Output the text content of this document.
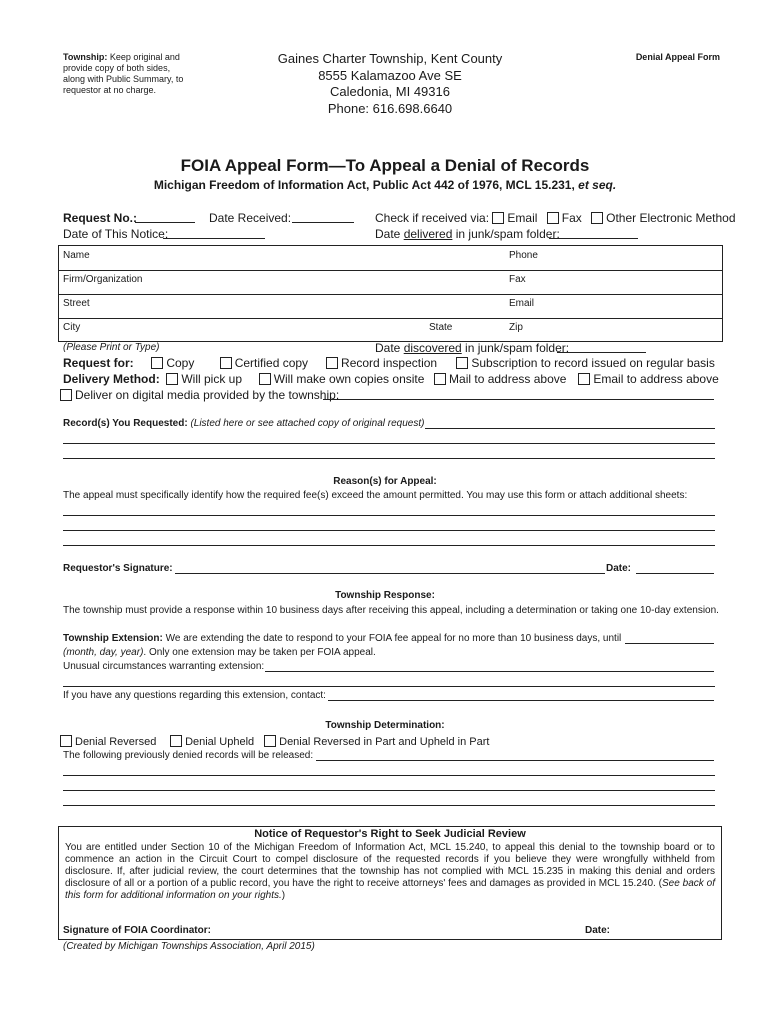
Township: Keep original and provide copy of both sides, along with Public Summary, to requestor at no charge.
Gaines Charter Township, Kent County
8555 Kalamazoo Ave SE
Caledonia, MI 49316
Phone: 616.698.6640
Denial Appeal Form
FOIA Appeal Form—To Appeal a Denial of Records
Michigan Freedom of Information Act, Public Act 442 of 1976, MCL 15.231, et seq.
Request No.:	Date Received:
Date of This Notice:
Check if received via: Email Fax Other Electronic Method
Date delivered in junk/spam folder:
Name	Phone
Firm/Organization	Fax
Street	Email
City	State	Zip
(Please Print or Type)	Date discovered in junk/spam folder:
Request for:	Copy	Certified copy	Record inspection	Subscription to record issued on regular basis
Delivery Method: Will pick up	Will make own copies onsite Mail to address above Email to address above
Deliver on digital media provided by the township:
Record(s) You Requested: (Listed here or see attached copy of original request)
Reason(s) for Appeal:
The appeal must specifically identify how the required fee(s) exceed the amount permitted. You may use this form or attach additional sheets:
Requestor's Signature:	Date:
Township Response:
The township must provide a response within 10 business days after receiving this appeal, including a determination or taking one 10-day extension.
Township Extension: We are extending the date to respond to your FOIA fee appeal for no more than 10 business days, until
(month, day, year). Only one extension may be taken per FOIA appeal.
Unusual circumstances warranting extension:
If you have any questions regarding this extension, contact:
Township Determination:
Denial Reversed	Denial Upheld Denial Reversed in Part and Upheld in Part
The following previously denied records will be released:
Notice of Requestor's Right to Seek Judicial Review

You are entitled under Section 10 of the Michigan Freedom of Information Act, MCL 15.240, to appeal this denial to the township board or to commence an action in the Circuit Court to compel disclosure of the requested records if you believe they were wrongfully withheld from disclosure. If, after judicial review, the court determines that the township has not complied with MCL 15.235 in making this denial and orders disclosure of all or a portion of a public record, you have the right to receive attorneys' fees and damages as provided in MCL 15.240. (See back of this form for additional information on your rights.)

Signature of FOIA Coordinator:	Date:
(Created by Michigan Townships Association, April 2015)
